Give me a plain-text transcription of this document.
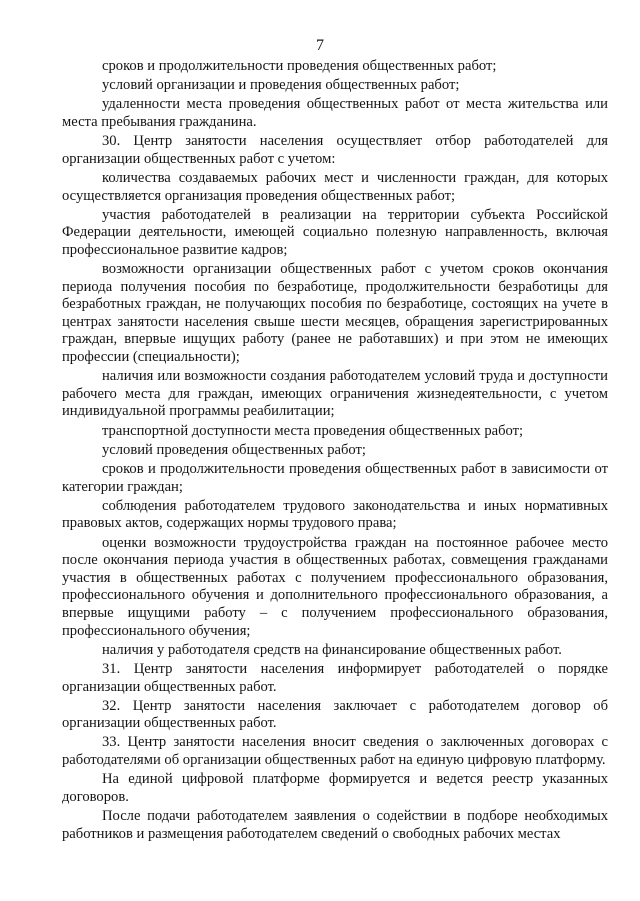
7

сроков и продолжительности проведения общественных работ;

условий организации и проведения общественных работ;

удаленности места проведения общественных работ от места жительства или места пребывания гражданина.

30. Центр занятости населения осуществляет отбор работодателей для организации общественных работ с учетом:

количества создаваемых рабочих мест и численности граждан, для которых осуществляется организация проведения общественных работ;

участия работодателей в реализации на территории субъекта Российской Федерации деятельности, имеющей социально полезную направленность, включая профессиональное развитие кадров;

возможности организации общественных работ с учетом сроков окончания периода получения пособия по безработице, продолжительности безработицы для безработных граждан, не получающих пособия по безработице, состоящих на учете в центрах занятости населения свыше шести месяцев, обращения зарегистрированных граждан, впервые ищущих работу (ранее не работавших) и при этом не имеющих профессии (специальности);

наличия или возможности создания работодателем условий труда и доступности рабочего места для граждан, имеющих ограничения жизнедеятельности, с учетом индивидуальной программы реабилитации;

транспортной доступности места проведения общественных работ;

условий проведения общественных работ;

сроков и продолжительности проведения общественных работ в зависимости от категории граждан;

соблюдения работодателем трудового законодательства и иных нормативных правовых актов, содержащих нормы трудового права;

оценки возможности трудоустройства граждан на постоянное рабочее место после окончания периода участия в общественных работах, совмещения гражданами участия в общественных работах с получением профессионального образования, профессионального обучения и дополнительного профессионального образования, а впервые ищущими работу – с получением профессионального образования, профессионального обучения;

наличия у работодателя средств на финансирование общественных работ.

31. Центр занятости населения информирует работодателей о порядке организации общественных работ.

32. Центр занятости населения заключает с работодателем договор об организации общественных работ.

33. Центр занятости населения вносит сведения о заключенных договорах с работодателями об организации общественных работ на единую цифровую платформу.

На единой цифровой платформе формируется и ведется реестр указанных договоров.

После подачи работодателем заявления о содействии в подборе необходимых работников и размещения работодателем сведений о свободных рабочих местах
